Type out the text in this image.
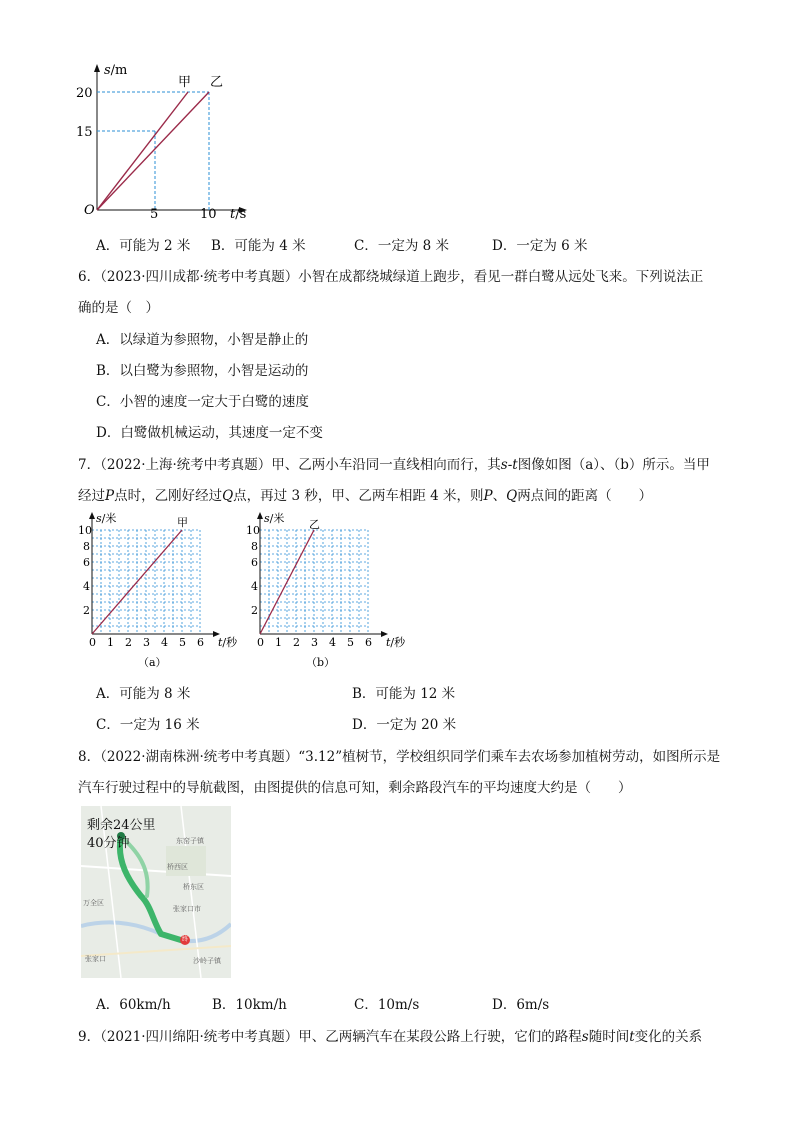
s/m
甲 乙
20
15
O	5	10 t/s
A．可能为 2 米 B．可能为 4 米	C．一定为 8 米	D．一定为 6 米
6．（2023·四川成都·统考中考真题）小智在成都绕城绿道上跑步，看见一群白鹭从远处飞来。下列说法正
确的是（　）
A．以绿道为参照物，小智是静止的
B．以白鹭为参照物，小智是运动的
C．小智的速度一定大于白鹭的速度
D．白鹭做机械运动，其速度一定不变
7．（2022·上海·统考中考真题）甲、乙两小车沿同一直线相向而行，其s-t图像如图（a）、（b）所示。当甲
经过P点时，乙刚好经过Q点，再过 3 秒，甲、乙两车相距 4 米，则P、Q两点间的距离（　　）
s/米	甲
10
8
6
4
2
0 1 2 3 4 5 6 t/秒
（a）
s/米 乙
10
8
6
4
2
0 1 2 3 4 5 6 t/秒
（b）
A．可能为 8 米	B．可能为 12 米
C．一定为 16 米	D．一定为 20 米
8．（2022·湖南株洲·统考中考真题）“3.12”植树节，学校组织同学们乘车去农场参加植树劳动，如图所示是
汽车行驶过程中的导航截图，由图提供的信息可知，剩余路段汽车的平均速度大约是（　　）
剩余24公里
40分钟	东窑子镇
桥西区
桥东区
万全区
张家口市
沙岭子镇
张家口
终
A．60km/h	B．10km/h	C．10m/s	D．6m/s
9．（2021·四川绵阳·统考中考真题）甲、乙两辆汽车在某段公路上行驶，它们的路程s随时间t变化的关系
